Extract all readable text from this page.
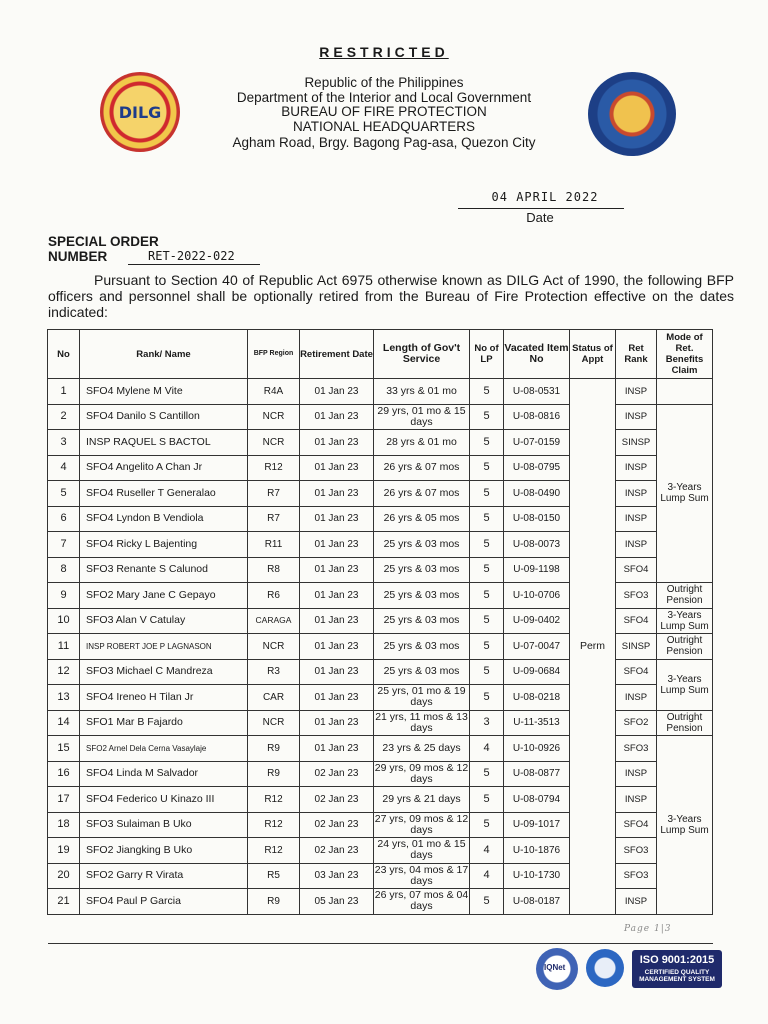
RESTRICTED
DILG
Republic of the Philippines
Department of the Interior and Local Government
BUREAU OF FIRE PROTECTION
NATIONAL HEADQUARTERS
Agham Road, Brgy. Bagong Pag-asa, Quezon City
04 APRIL 2022
Date
SPECIAL ORDER
NUMBER	RET-2022-022
Pursuant to Section 40 of Republic Act 6975 otherwise known as DILG Act of 1990, the following BFP officers and personnel shall be optionally retired from the Bureau of Fire Protection effective on the dates indicated:
No	Rank/ Name	BFP Region	Retirement Date	Length of Gov't Service	No of LP	Vacated Item No	Status of Appt	Ret Rank	Mode of Ret. Benefits Claim
1	SFO4 Mylene M Vite	R4A	01 Jan 23	33 yrs & 01 mo	5	U-08-0531	Perm	INSP	
2	SFO4 Danilo S Cantillon	NCR	01 Jan 23	29 yrs, 01 mo & 15 days	5	U-08-0816		INSP	3-Years Lump Sum
3	INSP RAQUEL S BACTOL	NCR	01 Jan 23	28 yrs & 01 mo	5	U-07-0159		SINSP	
4	SFO4 Angelito A Chan Jr	R12	01 Jan 23	26 yrs & 07 mos	5	U-08-0795		INSP	
5	SFO4 Ruseller T Generalao	R7	01 Jan 23	26 yrs & 07 mos	5	U-08-0490		INSP	
6	SFO4 Lyndon B Vendiola	R7	01 Jan 23	26 yrs & 05 mos	5	U-08-0150		INSP	
7	SFO4 Ricky L Bajenting	R11	01 Jan 23	25 yrs & 03 mos	5	U-08-0073		INSP	
8	SFO3 Renante S Calunod	R8	01 Jan 23	25 yrs & 03 mos	5	U-09-1198		SFO4	
9	SFO2 Mary Jane C Gepayo	R6	01 Jan 23	25 yrs & 03 mos	5	U-10-0706		SFO3	Outright Pension
10	SFO3 Alan V Catulay	CARAGA	01 Jan 23	25 yrs & 03 mos	5	U-09-0402		SFO4	3-Years Lump Sum
11	INSP ROBERT JOE P LAGNASON	NCR	01 Jan 23	25 yrs & 03 mos	5	U-07-0047		SINSP	Outright Pension
12	SFO3 Michael C Mandreza	R3	01 Jan 23	25 yrs & 03 mos	5	U-09-0684		SFO4	3-Years Lump Sum
13	SFO4 Ireneo H Tilan Jr	CAR	01 Jan 23	25 yrs, 01 mo & 19 days	5	U-08-0218		INSP	
14	SFO1 Mar B Fajardo	NCR	01 Jan 23	21 yrs, 11 mos & 13 days	3	U-11-3513		SFO2	Outright Pension
15	SFO2 Arnel Dela Cerna Vasaylaje	R9	01 Jan 23	23 yrs & 25 days	4	U-10-0926		SFO3	3-Years Lump Sum
16	SFO4 Linda M Salvador	R9	02 Jan 23	29 yrs, 09 mos & 12 days	5	U-08-0877		INSP	
17	SFO4 Federico U Kinazo III	R12	02 Jan 23	29 yrs & 21 days	5	U-08-0794		INSP	
18	SFO3 Sulaiman B Uko	R12	02 Jan 23	27 yrs, 09 mos & 12 days	5	U-09-1017		SFO4	
19	SFO2 Jiangking B Uko	R12	02 Jan 23	24 yrs, 01 mo & 15 days	4	U-10-1876		SFO3	
20	SFO2 Garry R Virata	R5	03 Jan 23	23 yrs, 04 mos & 17 days	4	U-10-1730		SFO3	
21	SFO4 Paul P Garcia	R9	05 Jan 23	26 yrs, 07 mos & 04 days	5	U-08-0187		INSP	
Page 1|3
IQNet
ISO 9001:2015
CERTIFIED QUALITY MANAGEMENT SYSTEM
